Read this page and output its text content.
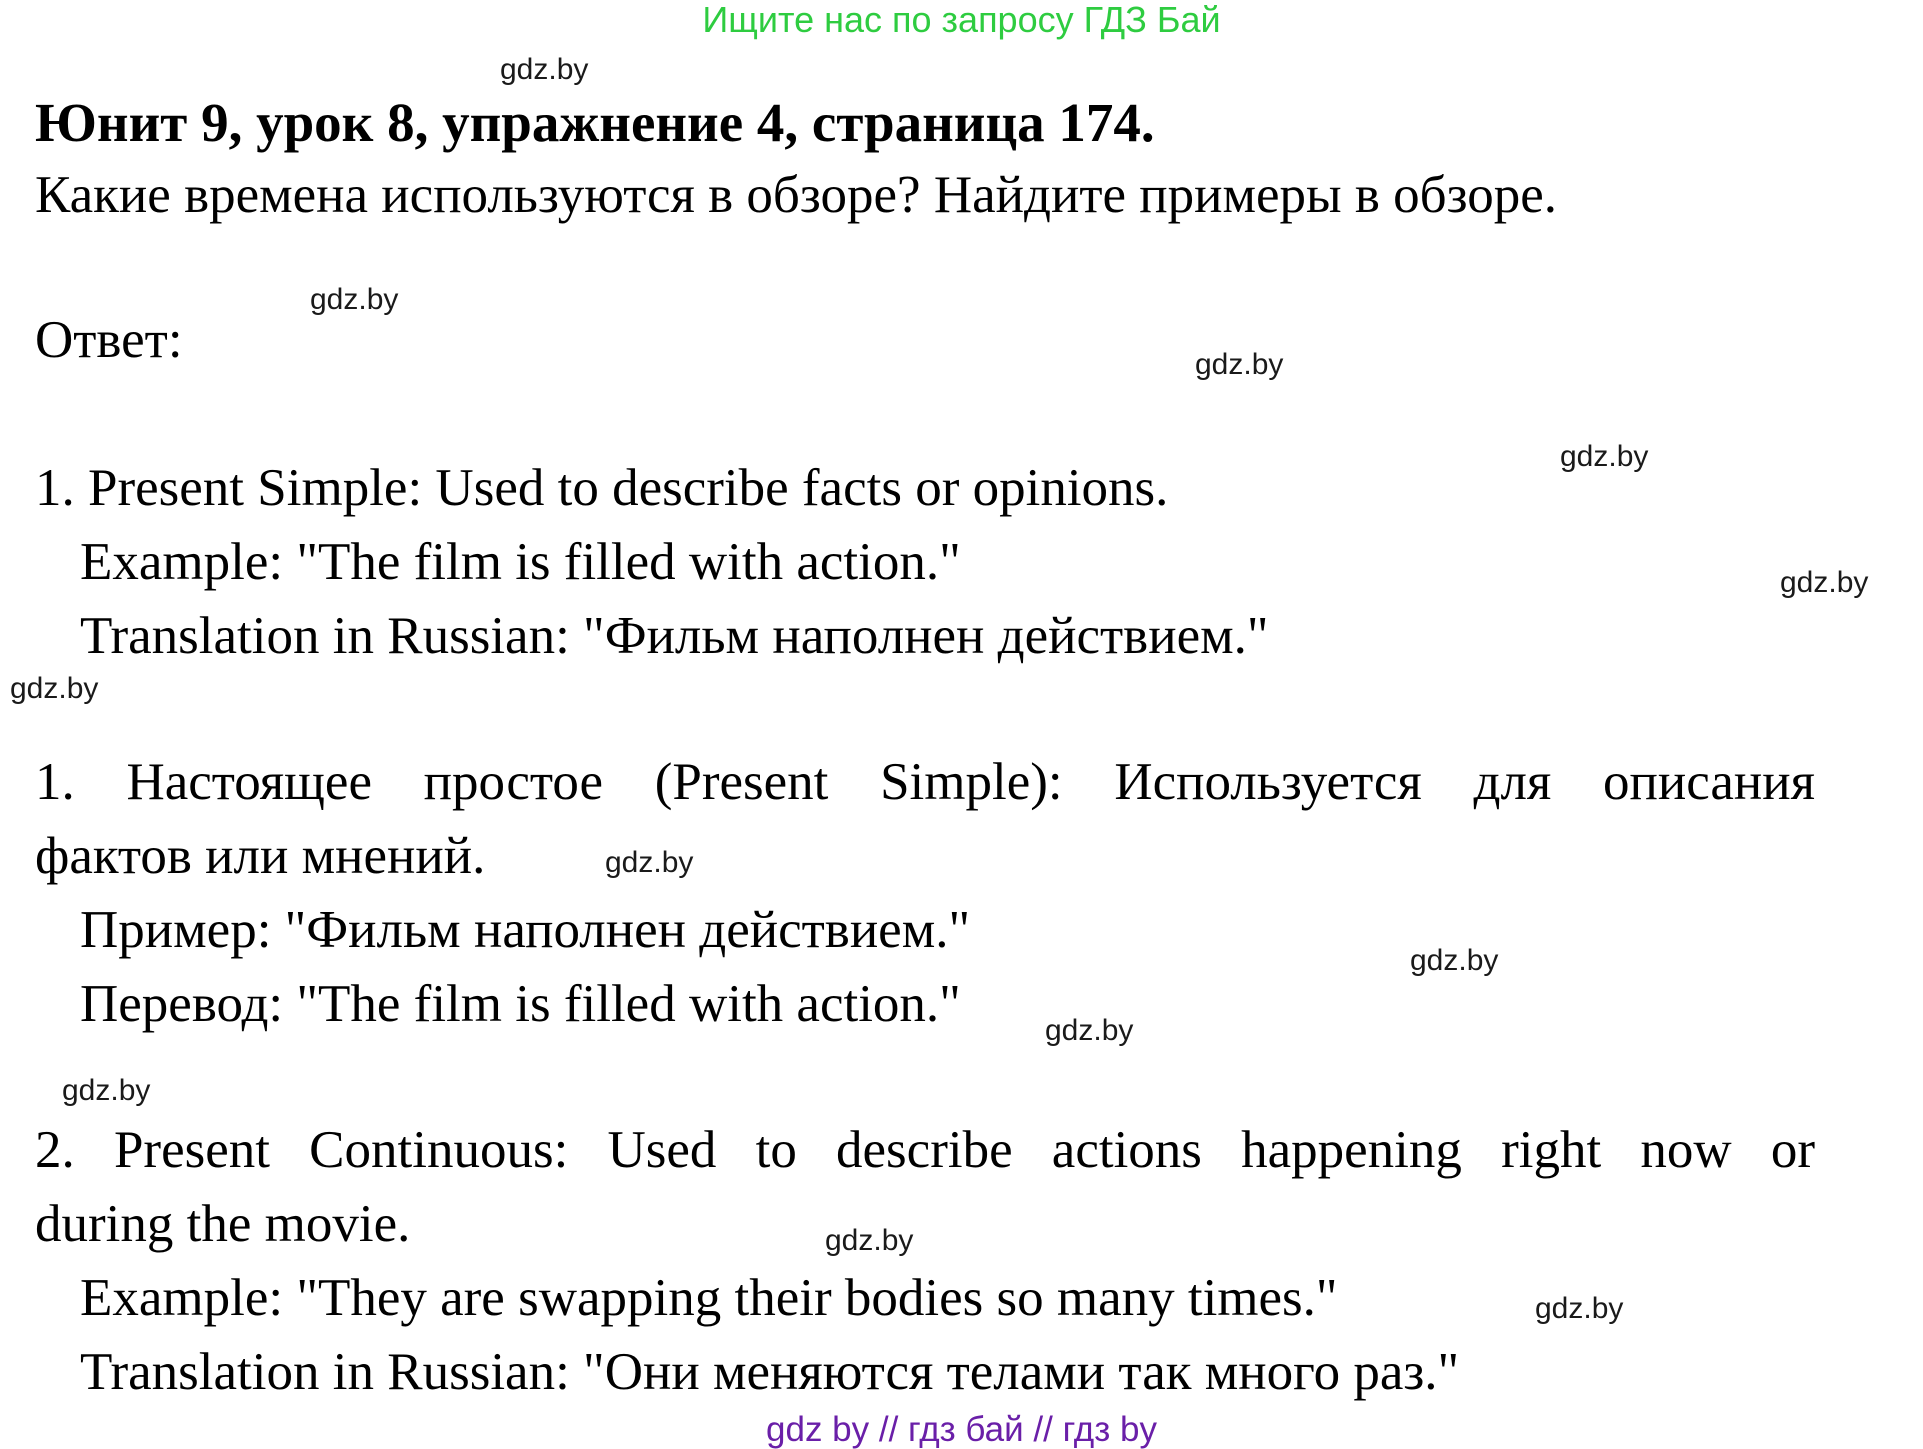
Ищите нас по запросу ГДЗ Бай
gdz.by
Юнит 9, урок 8, упражнение 4, страница 174.
Какие времена используются в обзоре? Найдите примеры в обзоре.
gdz.by
Ответ:	gdz.by
gdz.by
1. Present Simple: Used to describe facts or opinions.
gdz.by
Example: "The film is filled with action."
Translation in Russian: "Фильм наполнен действием."
gdz.by
1. Настоящее простое (Present Simple): Используется для описания
фактов или мнений.	gdz.by
Пример: "Фильм наполнен действием."
gdz.by
Перевод: "The film is filled with action."	gdz.by
gdz.by
2. Present Continuous: Used to describe actions happening right now or
during the movie.	gdz.by
Example: "They are swapping their bodies so many times."	gdz.by
Translation in Russian: "Они меняются телами так много раз."
gdz by // гдз бай // гдз by
